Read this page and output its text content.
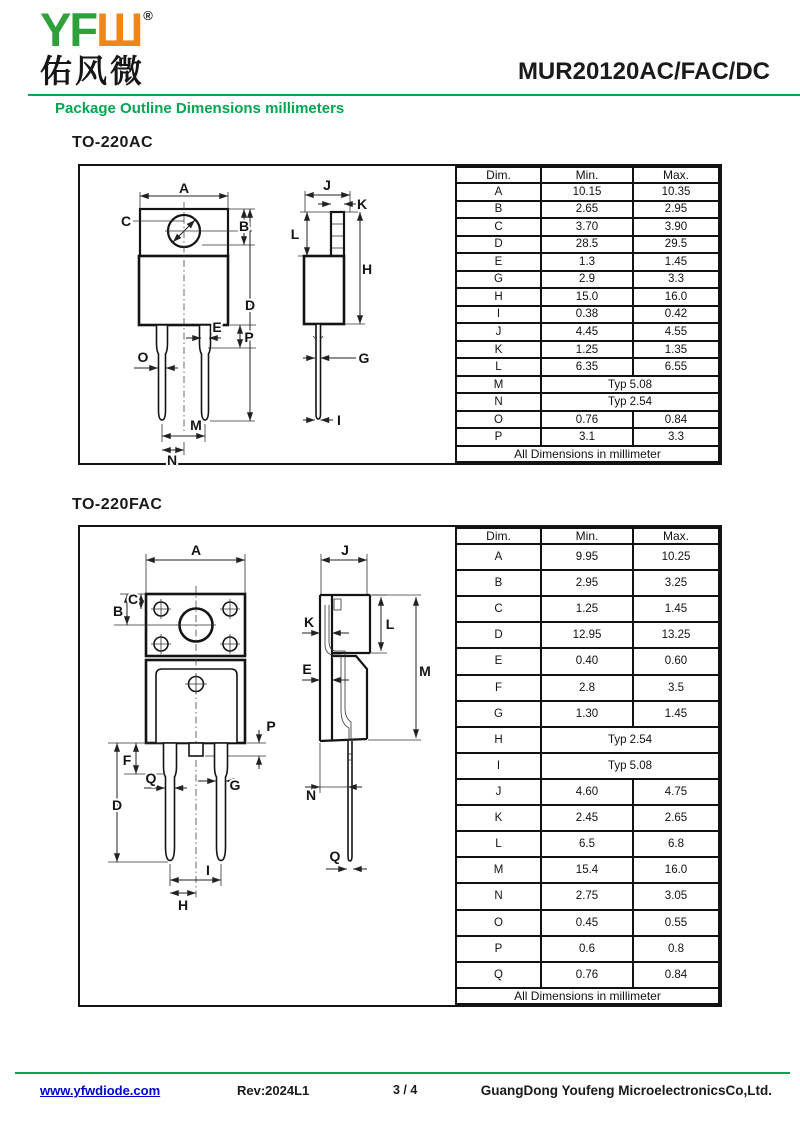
YFШ ®
佑风微	MUR20120AC/FAC/DC
Package Outline Dimensions millimeters
TO-220AC
A
C	B
D
E
P
O
M
N
J
K
L
H
G
I
Dim.	Min.	Max.
A	10.15	10.35
B	2.65	2.95
C	3.70	3.90
D	28.5	29.5
E	1.3	1.45
G	2.9	3.3
H	15.0	16.0
I	0.38	0.42
J	4.45	4.55
K	1.25	1.35
L	6.35	6.55
M	Typ 5.08	
N	Typ 2.54	
O	0.76	0.84
P	3.1	3.3
All Dimensions in millimeter		
TO-220FAC
A
C
B
P
F
D
Q	G
I
H
J
K	L
E	M
N
Q
Dim.	Min.	Max.
A	9.95	10.25
B	2.95	3.25
C	1.25	1.45
D	12.95	13.25
E	0.40	0.60
F	2.8	3.5
G	1.30	1.45
H	Typ 2.54	
I	Typ 5.08	
J	4.60	4.75
K	2.45	2.65
L	6.5	6.8
M	15.4	16.0
N	2.75	3.05
O	0.45	0.55
P	0.6	0.8
Q	0.76	0.84
All Dimensions in millimeter		
www.yfwdiode.com	Rev:2024L1	3 / 4	GuangDong Youfeng MicroelectronicsCo,Ltd.
